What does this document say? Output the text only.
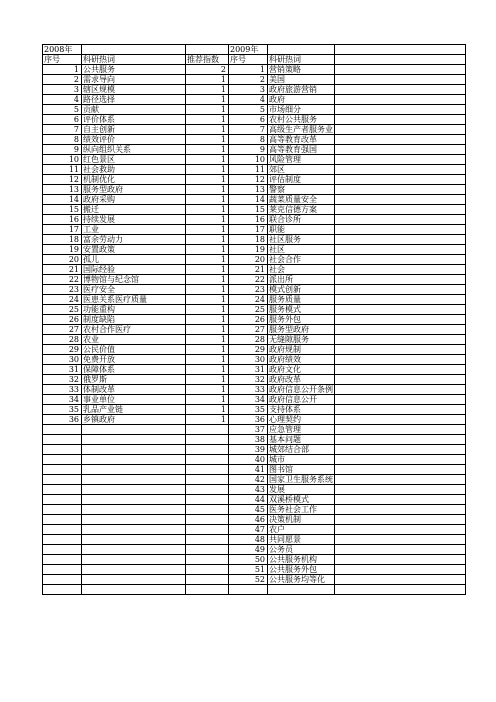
2008年			2009年		
序号	科研热词	推荐指数	序号	科研热词	
1	公共服务	2	1	营销策略	
2	需求导向	1	2	美国	
3	辖区规模	1	3	政府旅游营销	
4	路径选择	1	4	政府	
5	贡献	1	5	市场细分	
6	评价体系	1	6	农村公共服务	
7	自主创新	1	7	高级生产者服务业	
8	绩效评价	1	8	高等教育改革	
9	纵向组织关系	1	9	高等教育强国	
10	红色景区	1	10	风险管理	
11	社会救助	1	11	郊区	
12	机制优化	1	12	评估制度	
13	服务型政府	1	13	警察	
14	政府采购	1	14	蔬菜质量安全	
15	搬迁	1	15	莱克信德方案	
16	持续发展	1	16	联合诊所	
17	工业	1	17	职能	
18	富余劳动力	1	18	社区服务	
19	安置政策	1	19	社区	
20	孤儿	1	20	社会合作	
21	国际经验	1	21	社会	
22	博物馆与纪念馆	1	22	派出所	
23	医疗安全	1	23	模式创新	
24	医患关系医疗质量	1	24	服务质量	
25	功能重构	1	25	服务模式	
26	制度缺陷	1	26	服务外包	
27	农村合作医疗	1	27	服务型政府	
28	农业	1	28	无缝隙服务	
29	公民价值	1	29	政府规制	
30	免费开放	1	30	政府绩效	
31	保障体系	1	31	政府文化	
32	俄罗斯	1	32	政府改革	
33	体制改革	1	33	政府信息公开条例	
34	事业单位	1	34	政府信息公开	
35	乳品产业链	1	35	支持体系	
36	乡镇政府	1	36	心理契约	
			37	应急管理	
			38	基本问题	
			39	城郊结合部	
			40	城市	
			41	图书馆	
			42	国家卫生服务系统	
			43	发展	
			44	双溪桥模式	
			45	医务社会工作	
			46	决策机制	
			47	农户	
			48	共同愿景	
			49	公务员	
			50	公共服务机构	
			51	公共服务外包	
			52	公共服务均等化	
